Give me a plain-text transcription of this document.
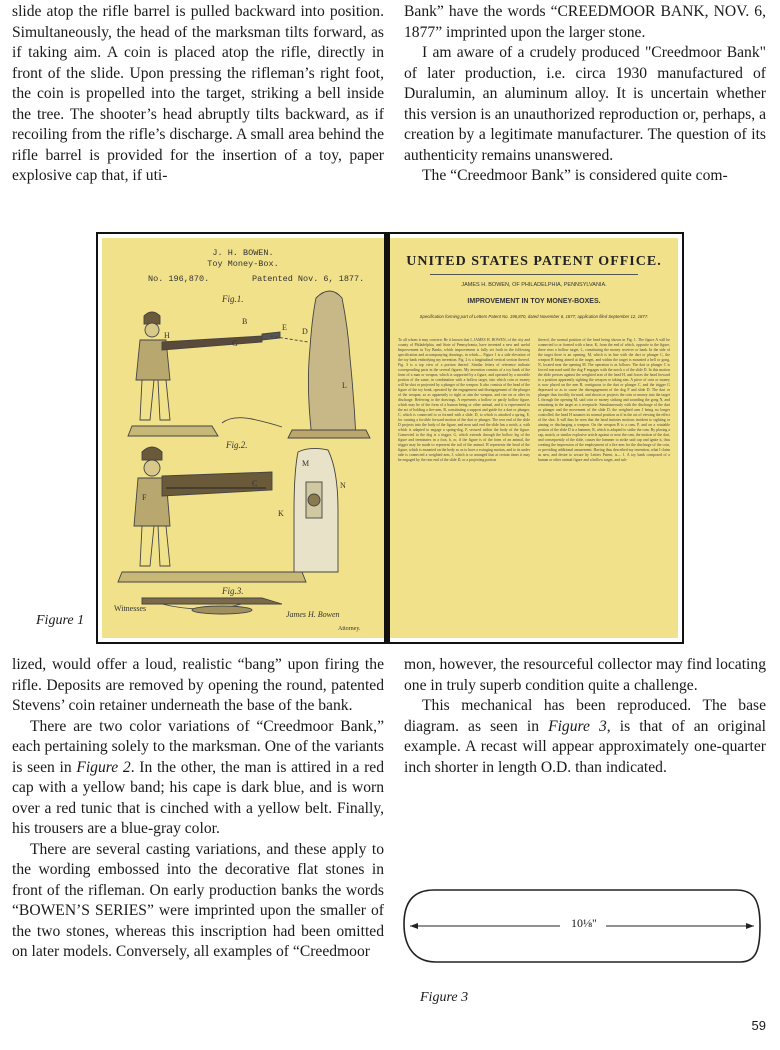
slide atop the rifle barrel is pulled backward into position. Simultaneously, the head of the marksman tilts forward, as if taking aim. A coin is placed atop the rifle, directly in front of the slide. Upon pressing the rifleman’s right foot, the coin is propelled into the target, striking a bell inside the tree. The shooter’s head abruptly tilts backward, as if recoiling from the rifle’s discharge. A small area behind the rifle barrel is provided for the insertion of a toy, paper explosive cap that, if uti-

Bank” have the words “CREEDMOOR BANK, NOV. 6, 1877” imprinted upon the larger stone.

I am aware of a crudely produced "Creedmoor Bank" of later production, i.e. circa 1930 manufactured of Duralumin, an aluminum alloy. It is uncertain whether this version is an unauthorized reproduction or, perhaps, a creation by a legitimate manufacturer. The question of its authenticity remains unanswered.

The “Creedmoor Bank” is considered quite com-

J. H. BOWEN.
Toy Money-Box.
No. 196,870.	Patented Nov. 6, 1877.
Fig.1.
Fig.2.
Fig.3.
B
E D
G
H
L
C
M
N
K
F
Witnesses
James H. Bowen
Attorney.
UNITED STATES PATENT OFFICE.
JAMES H. BOWEN, OF PHILADELPHIA, PENNSYLVANIA.
IMPROVEMENT IN TOY MONEY-BOXES.
Specification forming part of Letters Patent No. 196,870, dated November 6, 1877; application filed September 12, 1877.
To all whom it may concern: Be it known that I, JAMES H. BOWEN, of the city and county of Philadelphia, and State of Pennsylvania, have invented a new and useful Improvement in Toy Banks, which improvement is fully set forth in the following specification and accompanying drawings, in which— Figure 1 is a side elevation of the toy bank embodying my invention. Fig. 2 is a longitudinal vertical section thereof. Fig. 3 is a top view of a portion thereof. Similar letters of reference indicate corresponding parts in the several figures. My invention consists of a toy bank of the form of a man or weapon, which is supported by a figure, and operated by a movable portion of the same, in combination with a hollow target, into which coin or money will be shot or projected by a plunger of the weapon. It also consists of the head of the figure of the toy bank, operated by the engagement and disengagement of the plunger of the weapon, so as apparently to sight or aim the weapon, and rise on or after its discharge. Referring to the drawings, A represents a hollow or partly hollow figure, which may be of the form of a human being or other animal, and it is represented in the act of holding a fire-arm, B, constituting a support and guide for a dart or plunger, C, which is connected to or formed with a slide, D, to which is attached a spring, E, for causing a forcible forward motion of the dart or plunger. The rear end of the slide D projects into the body of the figure, and near said end the slide has a notch, a, with which is adapted to engage a spring-dog, F, secured within the body of the figure. Connected to the dog is a trigger, G, which extends through the hollow leg of the figure and terminates in a foot, b, or, if the figure is of the form of an animal, the trigger may be made to represent the tail of the animal. H represents the head of the figure, which is mounted on the body so as to have a swinging motion, and to its under side is connected a weighted arm, J, which is so arranged that at certain times it may be engaged by the rear end of the slide D, or a projecting portion
thereof, the normal position of the head being shown in Fig. 1. The figure A will be connected to or formed with a base, K, from the end of which, opposite to the figure, there rises a hollow target, L, constituting the money receiver or bank. In the side of the target there is an opening, M, which is in line with the dart or plunger C, the weapon B being aimed at the target, and within the target is mounted a bell or gong, N, located near the opening M. The operation is as follows: The dart or plunger C is forced rearward until the dog F engages with the notch a of the slide D. In this motion the slide presses against the weighted arm of the head H, and forces the head forward to a position apparently sighting the weapon or taking aim. A piece of coin or money is now placed on the arm B, contiguous to the dart or plunger C, and the trigger G depressed so as to cause the disengagement of the dog F and slide D. The dart or plunger thus forcibly forward, and shoots or projects the coin or money into the target L through the opening M, said coin or money striking and sounding the gong N, and remaining in the target as a receptacle. Simultaneously with the discharge of the dart or plunger and the movement of the slide D, the weighted arm J being no longer controlled, the head H assumes its normal position as if in the act of viewing the effect of the shot. It will thus be seen that the head imitates motions incident to sighting or aiming or discharging a weapon. On the weapon B is a cam, P, and on a rotatable portion of the slide D is a hammer, R, which is adapted to strike the cam. By placing a cap, match, or similar explosive article against or near the cam, the motion of the dart, and consequently of the slide, causes the hammer to strike said cap and ignite it, thus creating the impression of the employment of a fire-arm for the discharge of the coin, or providing additional amusement. Having thus described my invention, what I claim as new, and desire to secure by Letters Patent, is— 1. A toy bank composed of a human or other animal figure and a hollow target, and sub-
Figure 1

lized, would offer a loud, realistic “bang” upon firing the rifle. Deposits are removed by opening the round, patented Stevens’ coin retainer underneath the base of the bank.

There are two color variations of “Creedmoor Bank,” each pertaining solely to the marksman. One of the variants is seen in Figure 2. In the other, the man is attired in a red cap with a yellow band; his cape is dark blue, and is worn over a red tunic that is cinched with a yellow belt. Finally, his trousers are a blue-gray color.

There are several casting variations, and these apply to the wording embossed into the decorative flat stones in front of the rifleman. On early production banks the words “BOWEN’S SERIES” were imprinted upon the smaller of the two stones, whereas this inscription had been omitted on later models. Conversely, all examples of “Creedmoor

mon, however, the resourceful collector may find locating one in truly superb condition quite a challenge.

This mechanical has been reproduced. The base diagram. as seen in Figure 3, is that of an original example. A recast will appear approximately one-quarter inch shorter in length O.D. than indicated.

10⅛"
Figure 3
59
